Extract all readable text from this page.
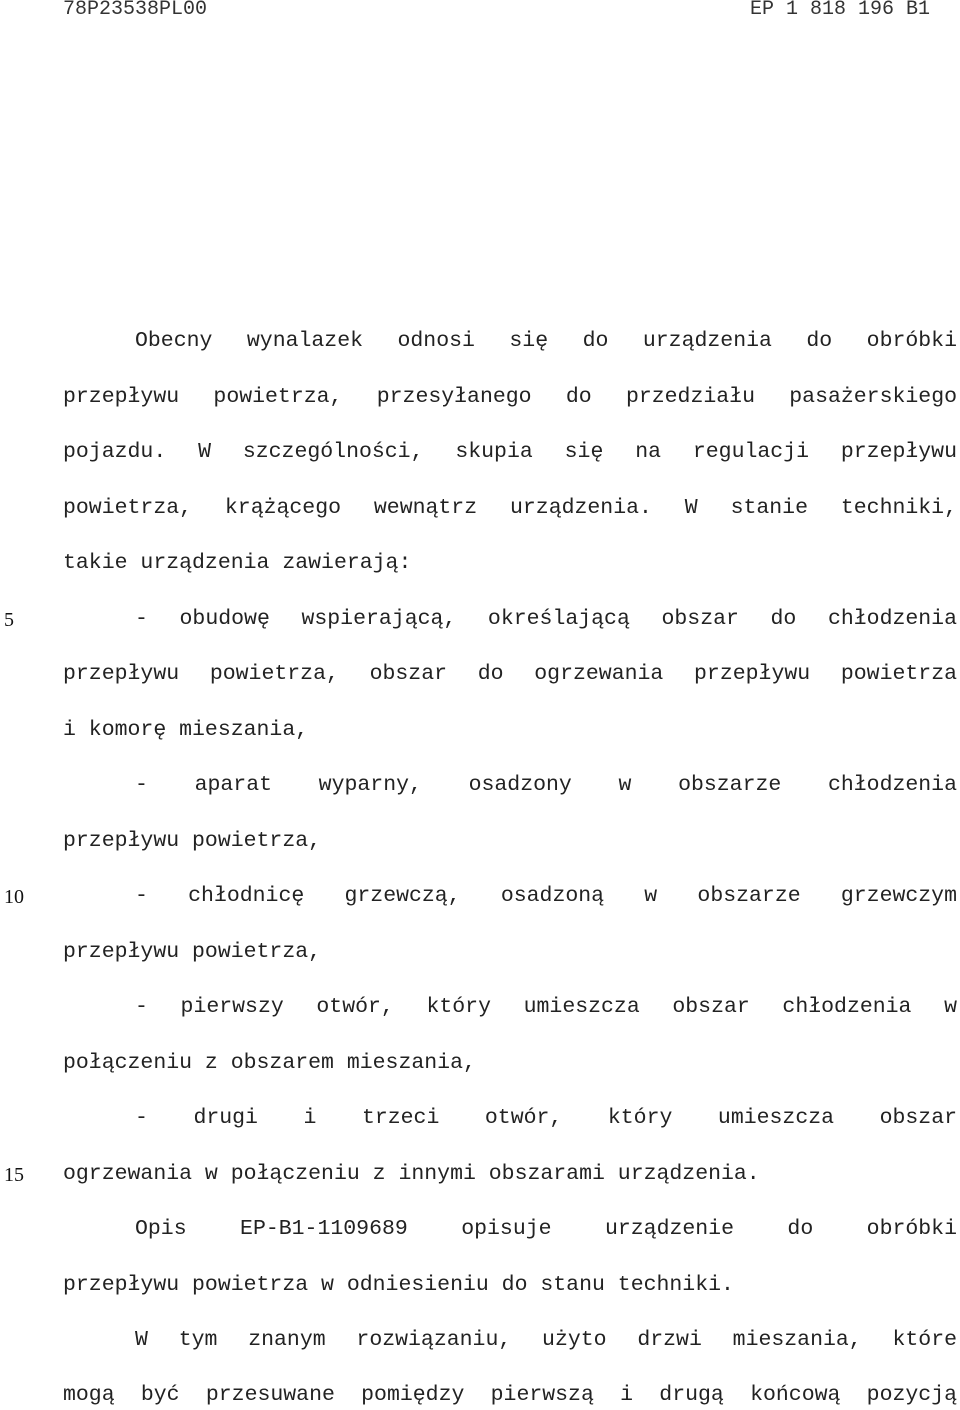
78P23538PL00	EP 1 818 196 B1
5
10
15
Obecny wynalazek odnosi się do urządzenia do obróbki
przepływu powietrza, przesyłanego do przedziału pasażerskiego
pojazdu. W szczególności, skupia się na regulacji przepływu
powietrza, krążącego wewnątrz urządzenia. W stanie techniki,
takie urządzenia zawierają:
- obudowę wspierającą, określającą obszar do chłodzenia
przepływu powietrza, obszar do ogrzewania przepływu powietrza
i komorę mieszania,
- aparat wyparny, osadzony w obszarze chłodzenia
przepływu powietrza,
- chłodnicę grzewczą, osadzoną w obszarze grzewczym
przepływu powietrza,
- pierwszy otwór, który umieszcza obszar chłodzenia w
połączeniu z obszarem mieszania,
- drugi i trzeci otwór, który umieszcza obszar
ogrzewania w połączeniu z innymi obszarami urządzenia.
Opis EP-B1-1109689 opisuje urządzenie do obróbki
przepływu powietrza w odniesieniu do stanu techniki.
W tym znanym rozwiązaniu, użyto drzwi mieszania, które
mogą być przesuwane pomiędzy pierwszą i drugą końcową pozycją
